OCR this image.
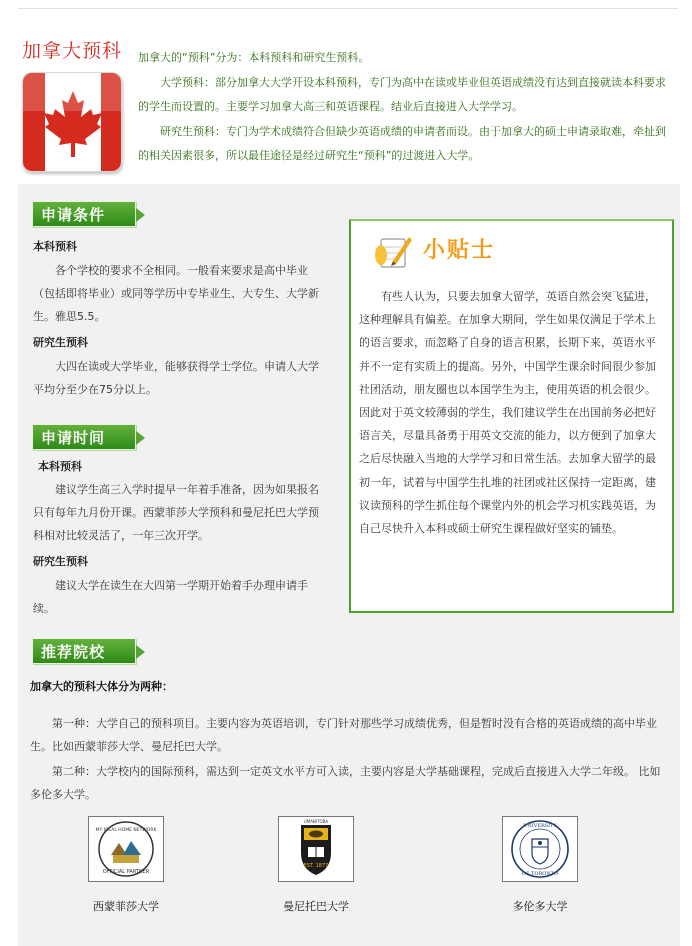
加拿大预科 加拿大的“预科”分为：本科预科和研究生预科。

大学预科：部分加拿大大学开设本科预科，专门为高中在读或毕业但英语成绩没有达到直接就读本科要求的学生而设置的。主要学习加拿大高三和英语课程。结业后直接进入大学学习。

研究生预科：专门为学术成绩符合但缺少英语成绩的申请者而设。由于加拿大的硕士申请录取难，牵扯到的相关因素很多，所以最佳途径是经过研究生“预科”的过渡进入大学。

申请条件
本科预科
各个学校的要求不全相同。一般看来要求是高中毕业（包括即将毕业）或同等学历中专毕业生、大专生、大学新生。雅思5.5。
研究生预科
大四在读或大学毕业，能够获得学士学位。申请人大学平均分至少在75分以上。
申请时间
本科预科
建议学生高三入学时提早一年着手准备，因为如果报名只有每年九月份开课。西蒙菲莎大学预科和曼尼托巴大学预科相对比较灵活了，一年三次开学。
研究生预科
建议大学在读生在大四第一学期开始着手办理申请手续。
小贴士
有些人认为，只要去加拿大留学，英语自然会突飞猛进，这种理解具有偏差。在加拿大期间，学生如果仅满足于学术上的语言要求，而忽略了自身的语言积累，长期下来，英语水平并不一定有实质上的提高。另外，中国学生课余时间很少参加社团活动，朋友圈也以本国学生为主，使用英语的机会很少。因此对于英文较薄弱的学生，我们建议学生在出国前务必把好语言关，尽量具备勇于用英文交流的能力，以方便到了加拿大之后尽快融入当地的大学学习和日常生活。去加拿大留学的最初一年，试着与中国学生扎堆的社团或社区保持一定距离，建议读预科的学生抓住每个课堂内外的机会学习机实践英语，为自己尽快升入本科或硕士研究生课程做好坚实的铺垫。
推荐院校
加拿大的预科大体分为两种：
第一种：大学自己的预科项目。主要内容为英语培训，专门针对那些学习成绩优秀，但是暂时没有合格的英语成绩的高中毕业生。比如西蒙菲莎大学、曼尼托巴大学。
第二种：大学校内的国际预科，需达到一定英文水平方可入读，主要内容是大学基础课程，完成后直接进入大学二年级。 比如多伦多大学。
OFFICIAL PARTNER
MY IDEAL HOME NETWORK
西蒙菲莎大学
EST. 1877
UMANITOBA
曼尼托巴大学
UNIVERSITY
OF TORONTO
多伦多大学
